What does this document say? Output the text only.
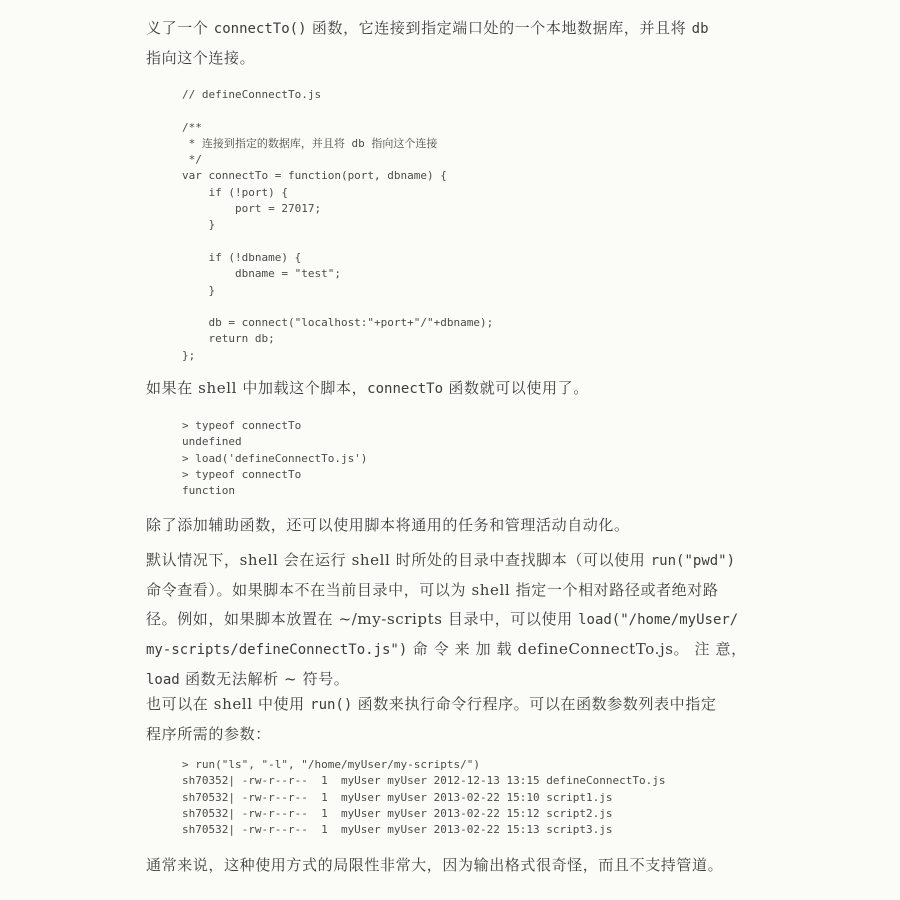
义了一个 connectTo() 函数，它连接到指定端口处的一个本地数据库，并且将 db
指向这个连接。

// defineConnectTo.js

/**
* 连接到指定的数据库，并且将 db 指向这个连接
*/
var connectTo = function(port, dbname) {
if (!port) {
port = 27017;
}

if (!dbname) {
dbname = "test";
}

db = connect("localhost:"+port+"/"+dbname);
return db;
};

如果在 shell 中加载这个脚本，connectTo 函数就可以使用了。

> typeof connectTo
undefined
> load('defineConnectTo.js')
> typeof connectTo
function

除了添加辅助函数，还可以使用脚本将通用的任务和管理活动自动化。

默认情况下，shell 会在运行 shell 时所处的目录中查找脚本（可以使用 run("pwd")
命令查看）。如果脚本不在当前目录中，可以为 shell 指定一个相对路径或者绝对路
径。例如，如果脚本放置在 ~/my-scripts 目录中，可以使用 load("/home/myUser/
my-scripts/defineConnectTo.js") 命 令 来 加 载 defineConnectTo.js。 注 意，
load 函数无法解析 ~ 符号。

也可以在 shell 中使用 run() 函数来执行命令行程序。可以在函数参数列表中指定
程序所需的参数：

> run("ls", "-l", "/home/myUser/my-scripts/")
sh70352| -rw-r--r--  1  myUser myUser 2012-12-13 13:15 defineConnectTo.js
sh70532| -rw-r--r--  1  myUser myUser 2013-02-22 15:10 script1.js
sh70532| -rw-r--r--  1  myUser myUser 2013-02-22 15:12 script2.js
sh70532| -rw-r--r--  1  myUser myUser 2013-02-22 15:13 script3.js

通常来说，这种使用方式的局限性非常大，因为输出格式很奇怪，而且不支持管道。
